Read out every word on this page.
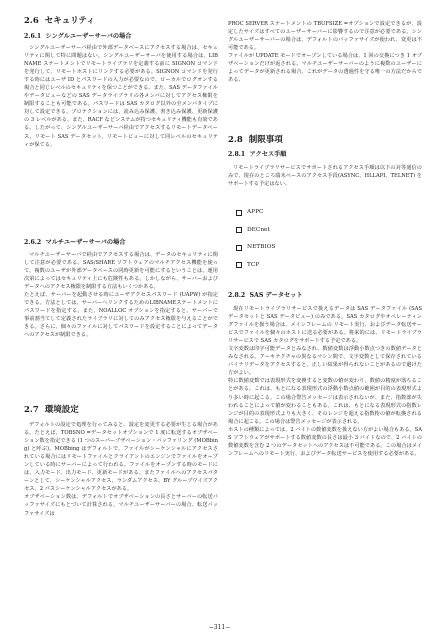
2.6 セキュリティ
2.6.1 シングルユーザーサーバの場合

シングルユーザーサーバ経由で外部データベースにアクセスする場合は、セキュリティに関して特に問題はない。シングルユーザーサーバを使用する場合は、LIBNAME ステートメントでリモートライブラリを定義する前に SIGNON コマンドを発行して、リモートホストにリンクする必要がある。SIGNON コマンドを発行する時にはユーザ ID とパスワードの入力が必要なので、ローカルでログオンする場合と同じレベルのセキュリティを保つことができる。また、SAS データファイルやデータビューなどの SAS データライブラリの各メンバに対してアクセス権限を制限することも可能である。パスワードは SAS カタログ以外の全メンバタイプに対して設定できる。プロテクションには、読み込み保護、書き込み保護、更新保護の 3 レベルがある。また、RACF などシステムが持つセキュリティ機能も有効である。したがって、シングルユーザーサーバ経由でアクセスするリモートデータベース、リモート SAS データセット、リモートビューに対して同レベルのセキュリティが保てる。

2.6.2 マルチユーザーサーバの場合

マルチユーザーサーバで経由でアクセスする場合は、データのセキュリティに関して注意が必要である。SAS/SHARE ソフトウェアのマルチアクセス機能を使って、複数のユーザが外部データベースの同時更新を可能にするということは、運用次第によってはセキュリティ上にも危険性もある。しかしながら、サーバーおよびデータへのアクセス権限を制限する方法もいくつかある。
たとえば、サーバーを起動させる時にユーザアクセスパスワード (UAPW) が指定できる。方法としては、サーバーへリンクするためのLIBNAMEステートメントにパスワードを指定する。また、NOALLOC オプションを指定すると、サーバーで事前割当てして定義されたライブラリに対してのみアクセス権限を与えることができる。さらに、個々のファイルに対してパスワードを設定することによってデータへのアクセスが制限できる。

2.7 環境設定

デフォルトの設定で処理を行ってみると、設定を変更する必要が生じる場合がある。たとえば、TOBSNO =データセットオプションで 1 度に転送するオブザベーション数を指定できる (1 つのスーパーブザベーション・バッファリング (MOBbing) と呼ぶ)。MOBbing はデフォルトで、ファイルがシーケンシャルにアクセスされている場合にはリモートファイルとクライアントのエンジンでファイルをオープンしている時にサーバーによって行われる。ファイルをオープンする時のモードには、入力モード、出力モード、更新モードがある。またファイルへのアクセスパターンとして、シーケンシャルアクセス、ランダムアクセス、BY グループワイズアクセス、2 パスシーケンシャルアクセスがある。
オブザベーション数は、デフォルトでオブザベーションの長さとサーバーの転送バッファサイズにもとづいて計算される。マルチユーザーサーバーの場合、転送バッファサイズは

PROC SERVER ステートメントの TBUFSIZE =オプションで設定できるが、設定したサイズはすべてのユーザーサーバーに影響するので注意が必要である。シングルユーザーサーバーの場合は、デフォルトのバッファサイズが使われ、変更は不可能である。
ファイルが UPDATE モードでオープンしている場合は、1 回の交換につき 1 オブザベーションだけが返される。マルチユーザーサーバーのように複数のユーザーによってデータが更新される場合、これがデータの透過性を守る唯一の方法だからである。

2.8 制限事項
2.8.1 アクセス手順

リモートライブラリサービスでサポートされるアクセス手順は以下の対等通信のみで、現在のところ端末ベースのアクセス手段(ASYNC、HLLAPI、TELNET) をサポートする予定はない。

APPC
DECnet
NETBIOS
TCP
2.8.2 SAS データセット

現在リモートライブラリサービスで扱えるデータは SAS データファイル (SAS データセットと SAS データビュー) のみである。SAS カタログやオペレーティングファイルを扱う場合は、メインフレームの リモート実行、およびデータ転送サービスでファイルを個々のホストに送る必要がある。将来的には、リモートライブラリサービスで SAS カタログをサポートする予定である。
文字変数は印字可能データとみなされ、数値変数は浮動小数点つきの数値データとみなされる。アーキテクチャの異なるマシン間で、文字変数として保存されているバイナリデータをアクセスすると、正しい結果が得られないことがあるので避けた方がよい。
特に数値変数では表現形式を変換すると変数の値が変わり、数値の精度が落ちることがある。これは、もとになる表現形式の浮動小数点値の範囲が目的の表現形式より多い時に起こる。この場合警告メッセージは表示されないが、また、指数部が失われることによって値が変わることもある。これは、もとになる表現形式の指数レンジが目的の表現形式よりも大きく、そのレンジを超える指数桁の値が転換される場合に起こる。この場合は警告メッセージが表示される。
ホストの種類によっては、2 バイトの数値変数を扱えない方がよい場合もある。SAS ソフトウェアがサポートする数値変数の長さは最小 3 バイトなので、2 バイトの数値変数を含む 2 つのデータセットへのアクセスは不可能である。この場合はメインフレームへのリモート実行、およびデータ転送サービスを使用する必要がある。

−311−
